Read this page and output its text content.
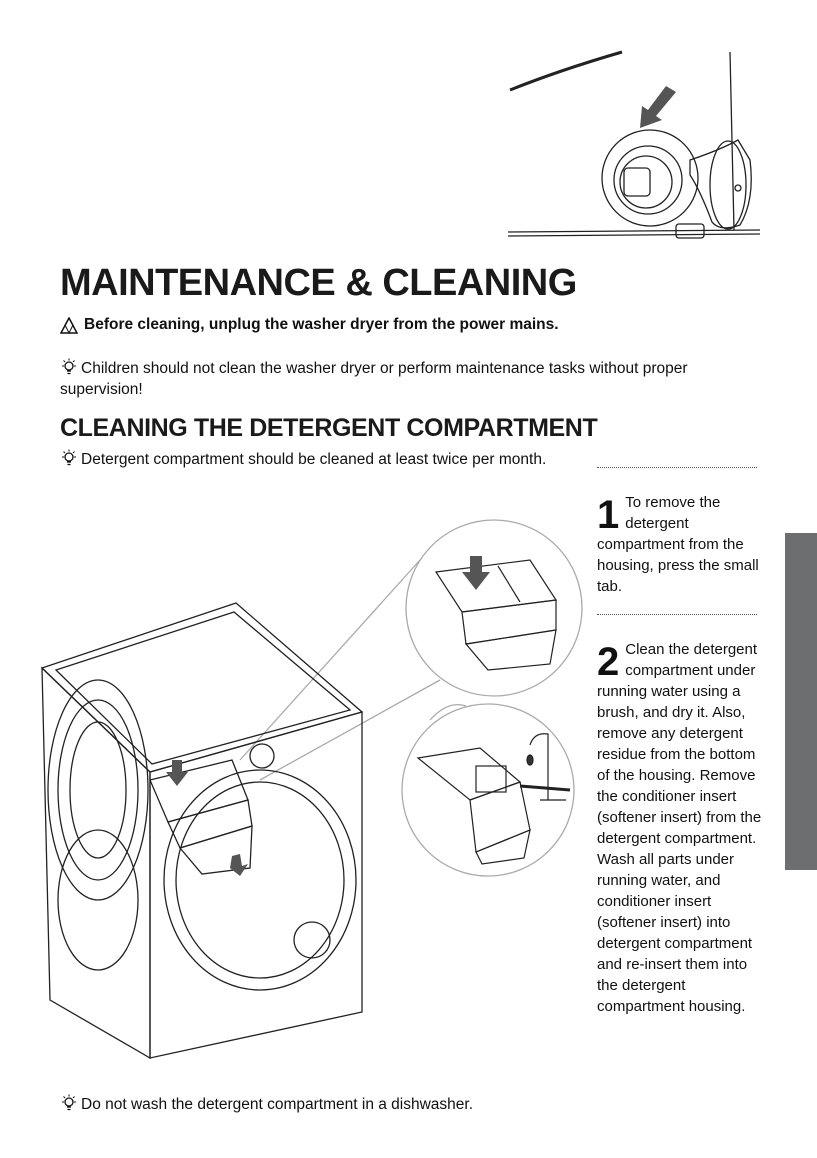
MAINTENANCE & CLEANING
Before cleaning, unplug the washer dryer from the power mains.
Children should not clean the washer dryer or perform maintenance tasks without proper supervision!
CLEANING THE DETERGENT COMPARTMENT
Detergent compartment should be cleaned at least twice per month.
1 To remove the detergent compartment from the housing, press the small tab.
2 Clean the detergent compartment under running water using a brush, and dry it. Also, remove any detergent residue from the bottom of the housing. Remove the conditioner insert (softener insert) from the detergent compartment. Wash all parts under running water, and conditioner insert (softener insert) into detergent compartment and re-insert them into the detergent compartment housing.
Do not wash the detergent compartment in a dishwasher.
